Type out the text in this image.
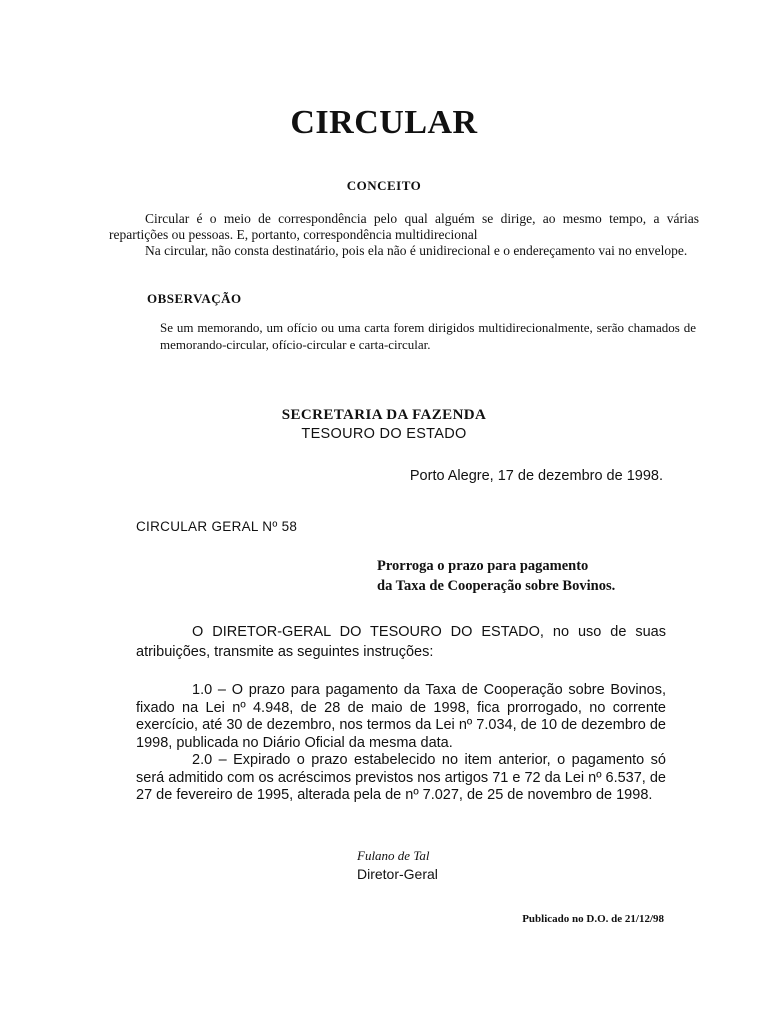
CIRCULAR
CONCEITO
Circular é o meio de correspondência pelo qual alguém se dirige, ao mesmo tempo, a várias repartições ou pessoas. E, portanto, correspondência multidirecional
Na circular, não consta destinatário, pois ela não é unidirecional e o endereçamento vai no envelope.
OBSERVAÇÃO
Se um memorando, um ofício ou uma carta forem dirigidos multidirecionalmente, serão chamados de memorando-circular, ofício-circular e carta-circular.
SECRETARIA DA FAZENDA
TESOURO DO ESTADO
Porto Alegre, 17 de dezembro de 1998.
CIRCULAR GERAL Nº 58
Prorroga o prazo para pagamento
da Taxa de Cooperação sobre Bovinos.
O DIRETOR-GERAL DO TESOURO DO ESTADO, no uso de suas atribuições, transmite as seguintes instruções:
1.0 – O prazo para pagamento da Taxa de Cooperação sobre Bovinos, fixado na Lei nº 4.948, de 28 de maio de 1998, fica prorrogado, no corrente exercício, até 30 de dezembro, nos termos da Lei nº 7.034, de 10 de dezembro de 1998, publicada no Diário Oficial da mesma data.
2.0 – Expirado o prazo estabelecido no item anterior, o pagamento só será admitido com os acréscimos previstos nos artigos 71 e 72 da Lei nº 6.537, de 27 de fevereiro de 1995, alterada pela de nº 7.027, de 25 de novembro de 1998.
Fulano de Tal
Diretor-Geral
Publicado no D.O. de 21/12/98
